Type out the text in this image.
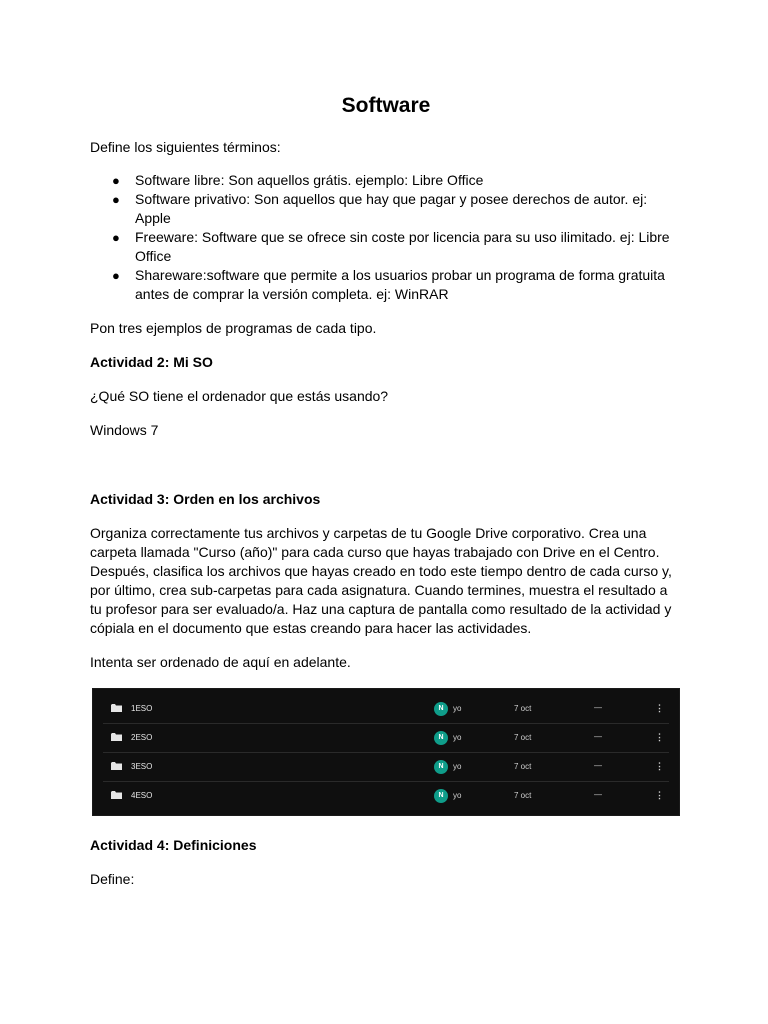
Software

Define los siguientes términos:

● Software libre: Son aquellos grátis. ejemplo: Libre Office
● Software privativo: Son aquellos que hay que pagar y posee derechos de autor. ej: Apple
● Freeware: Software que se ofrece sin coste por licencia para su uso ilimitado. ej: Libre Office
● Shareware:software que permite a los usuarios probar un programa de forma gratuita antes de comprar la versión completa. ej: WinRAR

Pon tres ejemplos de programas de cada tipo.

Actividad 2: Mi SO

¿Qué SO tiene el ordenador que estás usando?

Windows 7

Actividad 3: Orden en los archivos

Organiza correctamente tus archivos y carpetas de tu Google Drive corporativo. Crea una carpeta llamada "Curso (año)" para cada curso que hayas trabajado con Drive en el Centro. Después, clasifica los archivos que hayas creado en todo este tiempo dentro de cada curso y, por último, crea sub-carpetas para cada asignatura. Cuando termines, muestra el resultado a tu profesor para ser evaluado/a. Haz una captura de pantalla como resultado de la actividad y cópiala en el documento que estas creando para hacer las actividades.

Intenta ser ordenado de aquí en adelante.

1ESO	N	yo	7 oct	—	⋮
2ESO	N	yo	7 oct	—	⋮
3ESO	N	yo	7 oct	—	⋮
4ESO	N	yo	7 oct	—	⋮

Actividad 4: Definiciones

Define:
